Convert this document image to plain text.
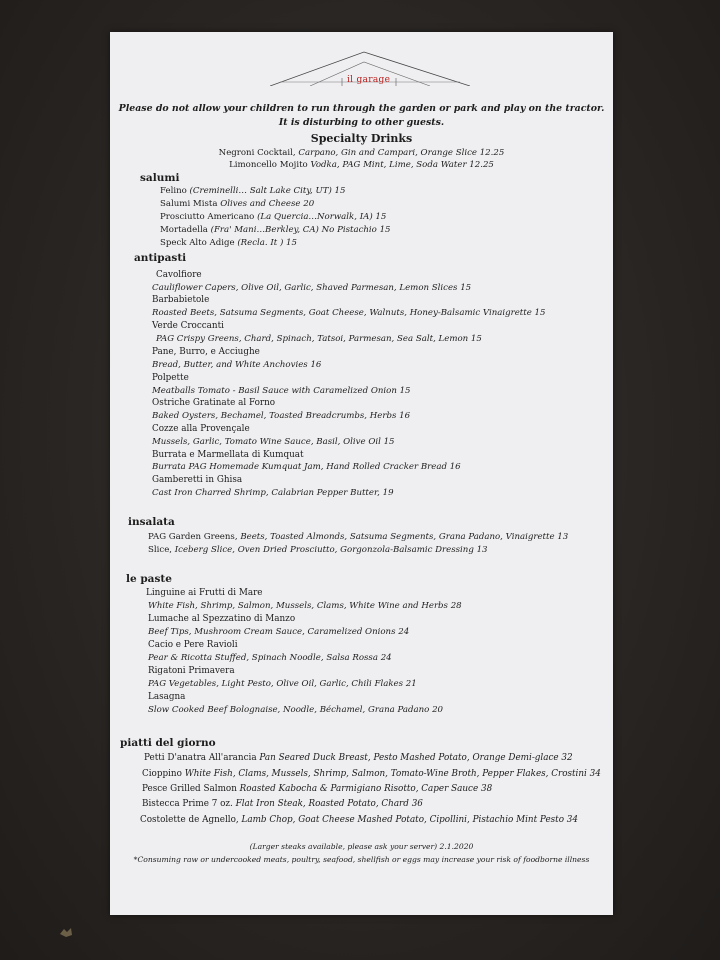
il garage
Please do not allow your children to run through the garden or park and play on the tractor.
It is disturbing to other guests.
Specialty Drinks
Negroni Cocktail, Carpano, Gin and Campari, Orange Slice 12.25
Limoncello Mojito Vodka, PAG Mint, Lime, Soda Water 12.25
salumi
Felino (Creminelli… Salt Lake City, UT) 15
Salumi Mista Olives and Cheese 20
Prosciutto Americano (La Quercia…Norwalk, IA) 15
Mortadella (Fra' Mani…Berkley, CA) No Pistachio 15
Speck Alto Adige (Recla. It ) 15
antipasti
Cavolfiore
Cauliflower Capers, Olive Oil, Garlic, Shaved Parmesan, Lemon Slices 15
Barbabietole
Roasted Beets, Satsuma Segments, Goat Cheese, Walnuts, Honey-Balsamic Vinaigrette 15
Verde Croccanti
PAG Crispy Greens, Chard, Spinach, Tatsoi, Parmesan, Sea Salt, Lemon 15
Pane, Burro, e Acciughe
Bread, Butter, and White Anchovies 16
Polpette
Meatballs Tomato - Basil Sauce with Caramelized Onion 15
Ostriche Gratinate al Forno
Baked Oysters, Bechamel, Toasted Breadcrumbs, Herbs 16
Cozze alla Provençale
Mussels, Garlic, Tomato Wine Sauce, Basil, Olive Oil 15
Burrata e Marmellata di Kumquat
Burrata PAG Homemade Kumquat Jam, Hand Rolled Cracker Bread 16
Gamberetti in Ghisa
Cast Iron Charred Shrimp, Calabrian Pepper Butter, 19
insalata
PAG Garden Greens, Beets, Toasted Almonds, Satsuma Segments, Grana Padano, Vinaigrette 13
Slice, Iceberg Slice, Oven Dried Prosciutto, Gorgonzola-Balsamic Dressing 13
le paste
Linguine ai Frutti di Mare
White Fish, Shrimp, Salmon, Mussels, Clams, White Wine and Herbs 28
Lumache al Spezzatino di Manzo
Beef Tips, Mushroom Cream Sauce, Caramelized Onions 24
Cacio e Pere Ravioli
Pear & Ricotta Stuffed, Spinach Noodle, Salsa Rossa 24
Rigatoni Primavera
PAG Vegetables, Light Pesto, Olive Oil, Garlic, Chili Flakes 21
Lasagna
Slow Cooked Beef Bolognaise, Noodle, Béchamel, Grana Padano 20
piatti del giorno
Petti D'anatra All'arancia Pan Seared Duck Breast, Pesto Mashed Potato, Orange Demi-glace 32
Cioppino White Fish, Clams, Mussels, Shrimp, Salmon, Tomato-Wine Broth, Pepper Flakes, Crostini 34
Pesce Grilled Salmon Roasted Kabocha & Parmigiano Risotto, Caper Sauce 38
Bistecca Prime 7 oz. Flat Iron Steak, Roasted Potato, Chard 36
Costolette de Agnello, Lamb Chop, Goat Cheese Mashed Potato, Cipollini, Pistachio Mint Pesto 34
(Larger steaks available, please ask your server) 2.1.2020
*Consuming raw or undercooked meats, poultry, seafood, shellfish or eggs may increase your risk of foodborne illness
